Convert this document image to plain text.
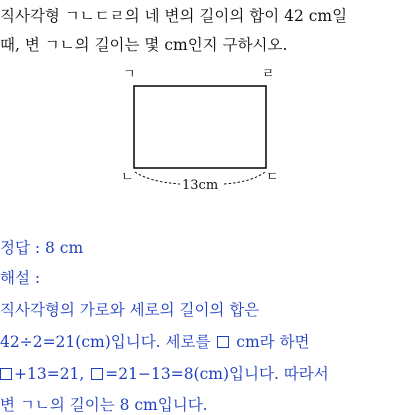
직사각형 ㄱㄴㄷㄹ의 네 변의 길이의 합이 42 cm일

때, 변 ㄱㄴ의 길이는 몇 cm인지 구하시오.

ㄱ	ㄹ
ㄴ	ㄷ
13cm

정답 : 8 cm

해설 :

직사각형의 가로와 세로의 길이의 합은

42÷2=21(cm)입니다. 세로를  cm라 하면

+13=21, =21−13=8(cm)입니다. 따라서

변 ㄱㄴ의 길이는 8 cm입니다.
